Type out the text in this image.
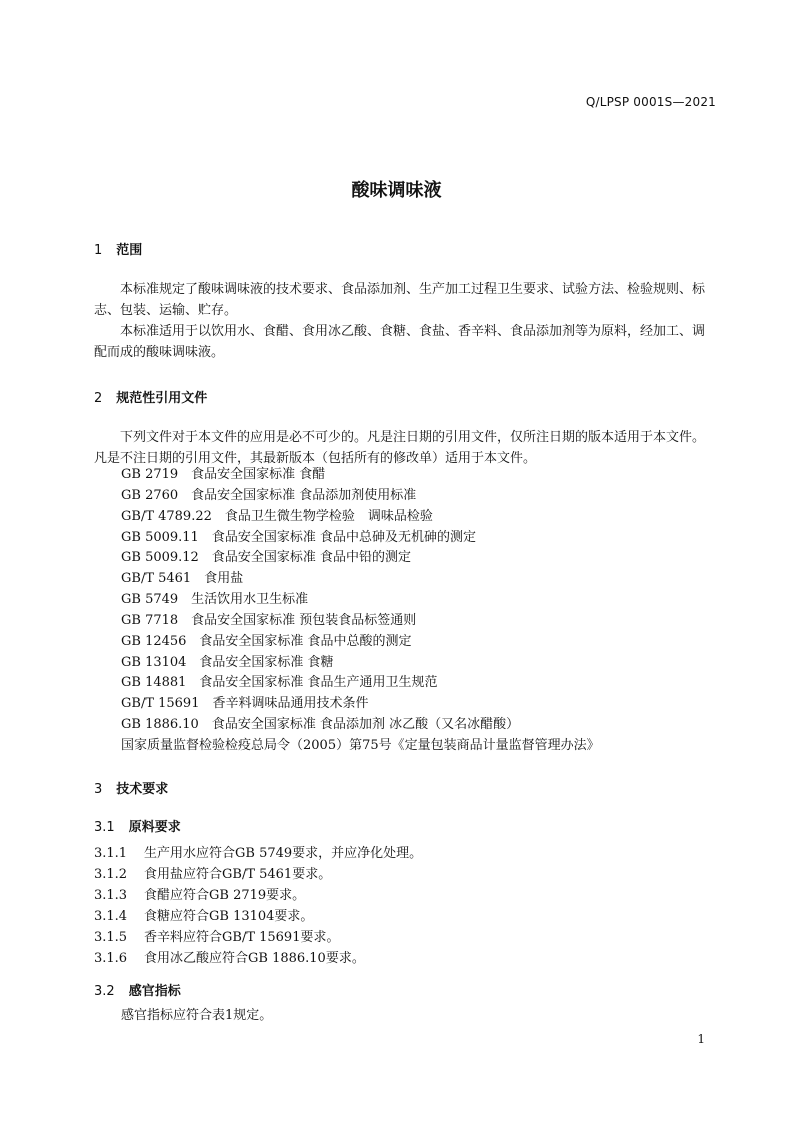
Q/LPSP 0001S—2021
酸味调味液
1 范围

本标准规定了酸味调味液的技术要求、食品添加剂、生产加工过程卫生要求、试验方法、检验规则、标志、包装、运输、贮存。

本标准适用于以饮用水、食醋、食用冰乙酸、食糖、食盐、香辛料、食品添加剂等为原料，经加工、调配而成的酸味调味液。

2 规范性引用文件

下列文件对于本文件的应用是必不可少的。凡是注日期的引用文件，仅所注日期的版本适用于本文件。凡是不注日期的引用文件，其最新版本（包括所有的修改单）适用于本文件。

GB 2719　食品安全国家标准 食醋
GB 2760　食品安全国家标准 食品添加剂使用标准
GB/T 4789.22　食品卫生微生物学检验　调味品检验
GB 5009.11　食品安全国家标准 食品中总砷及无机砷的测定
GB 5009.12　食品安全国家标准 食品中铅的测定
GB/T 5461　食用盐
GB 5749　生活饮用水卫生标准
GB 7718　食品安全国家标准 预包装食品标签通则
GB 12456　食品安全国家标准 食品中总酸的测定
GB 13104　食品安全国家标准 食糖
GB 14881　食品安全国家标准 食品生产通用卫生规范
GB/T 15691　香辛料调味品通用技术条件
GB 1886.10　食品安全国家标准 食品添加剂 冰乙酸（又名冰醋酸）
国家质量监督检验检疫总局令（2005）第75号《定量包装商品计量监督管理办法》
3 技术要求
3.1 原料要求
3.1.1 生产用水应符合GB 5749要求，并应净化处理。
3.1.2 食用盐应符合GB/T 5461要求。
3.1.3 食醋应符合GB 2719要求。
3.1.4 食糖应符合GB 13104要求。
3.1.5 香辛料应符合GB/T 15691要求。
3.1.6 食用冰乙酸应符合GB 1886.10要求。
3.2 感官指标
感官指标应符合表1规定。
1
